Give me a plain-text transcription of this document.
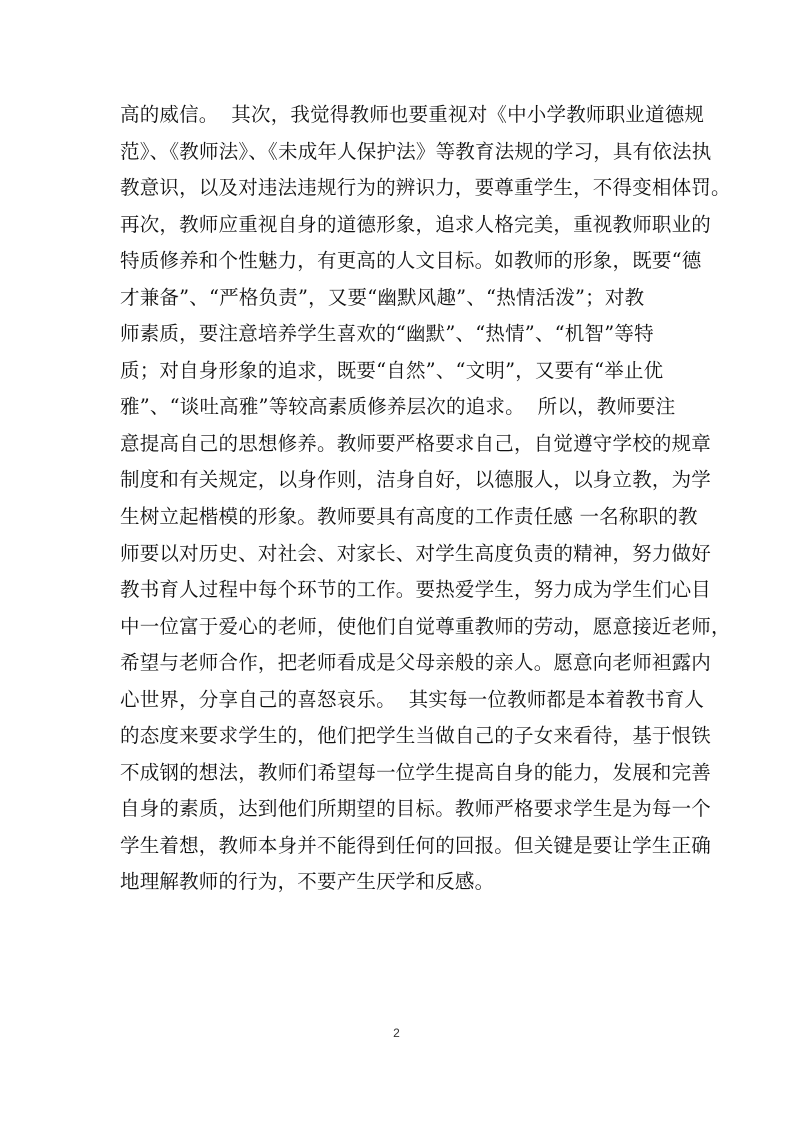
高的威信。  其次，我觉得教师也要重视对《中小学教师职业道德规
范》、《教师法》、《未成年人保护法》等教育法规的学习，具有依法执
教意识，以及对违法违规行为的辨识力，要尊重学生，不得变相体罚。
再次，教师应重视自身的道德形象，追求人格完美，重视教师职业的
特质修养和个性魅力，有更高的人文目标。如教师的形象，既要“德
才兼备”、“严格负责”，又要“幽默风趣”、“热情活泼”；对教
师素质，要注意培养学生喜欢的“幽默”、“热情”、“机智”等特
质；对自身形象的追求，既要“自然”、“文明”，又要有“举止优
雅”、“谈吐高雅”等较高素质修养层次的追求。  所以，教师要注
意提高自己的思想修养。教师要严格要求自己，自觉遵守学校的规章
制度和有关规定，以身作则，洁身自好，以德服人，以身立教，为学
生树立起楷模的形象。教师要具有高度的工作责任感 一名称职的教
师要以对历史、对社会、对家长、对学生高度负责的精神，努力做好
教书育人过程中每个环节的工作。要热爱学生，努力成为学生们心目
中一位富于爱心的老师，使他们自觉尊重教师的劳动，愿意接近老师，
希望与老师合作，把老师看成是父母亲般的亲人。愿意向老师袒露内
心世界，分享自己的喜怒哀乐。  其实每一位教师都是本着教书育人
的态度来要求学生的，他们把学生当做自己的子女来看待，基于恨铁
不成钢的想法，教师们希望每一位学生提高自身的能力，发展和完善
自身的素质，达到他们所期望的目标。教师严格要求学生是为每一个
学生着想，教师本身并不能得到任何的回报。但关键是要让学生正确
地理解教师的行为，不要产生厌学和反感。
2
